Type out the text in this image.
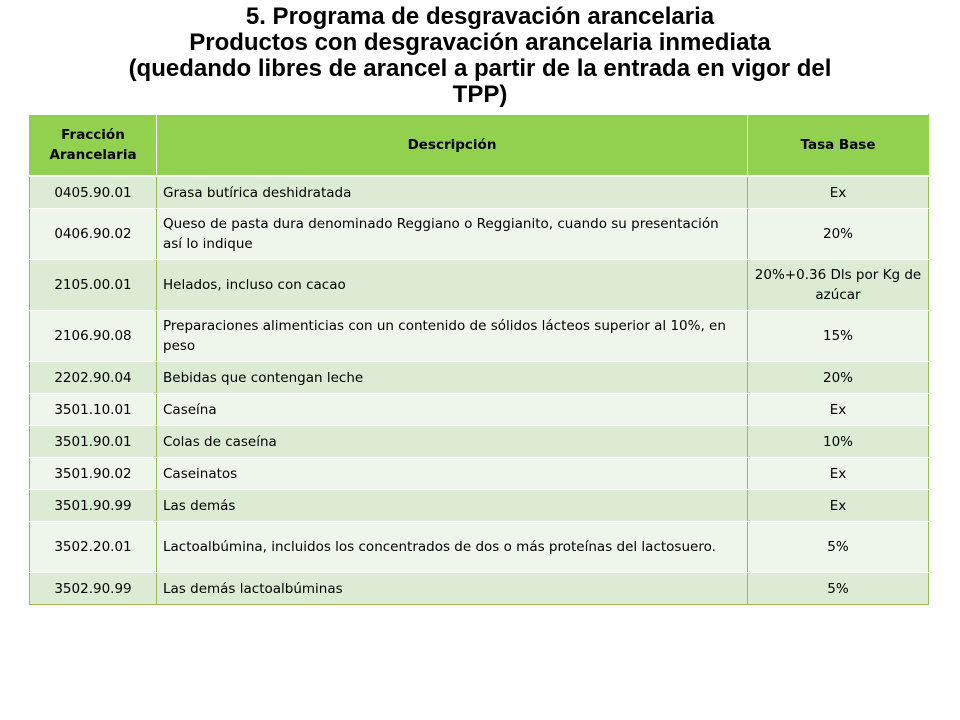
5. Programa de desgravación arancelaria
Productos con desgravación arancelaria inmediata
(quedando libres de arancel a partir de la entrada en vigor del
TPP)
Fracción
Arancelaria	Descripción	Tasa Base
0405.90.01	Grasa butírica deshidratada	Ex
0406.90.02	Queso de pasta dura denominado Reggiano o Reggianito, cuando su presentación así lo indique	20%
2105.00.01	Helados, incluso con cacao	20%+0.36 Dls por Kg de azúcar
2106.90.08	Preparaciones alimenticias con un contenido de sólidos lácteos superior al 10%, en peso	15%
2202.90.04	Bebidas que contengan leche	20%
3501.10.01	Caseína	Ex
3501.90.01	Colas de caseína	10%
3501.90.02	Caseinatos	Ex
3501.90.99	Las demás	Ex
3502.20.01	Lactoalbúmina, incluidos los concentrados de dos o más proteínas del lactosuero.	5%
3502.90.99	Las demás lactoalbúminas	5%
